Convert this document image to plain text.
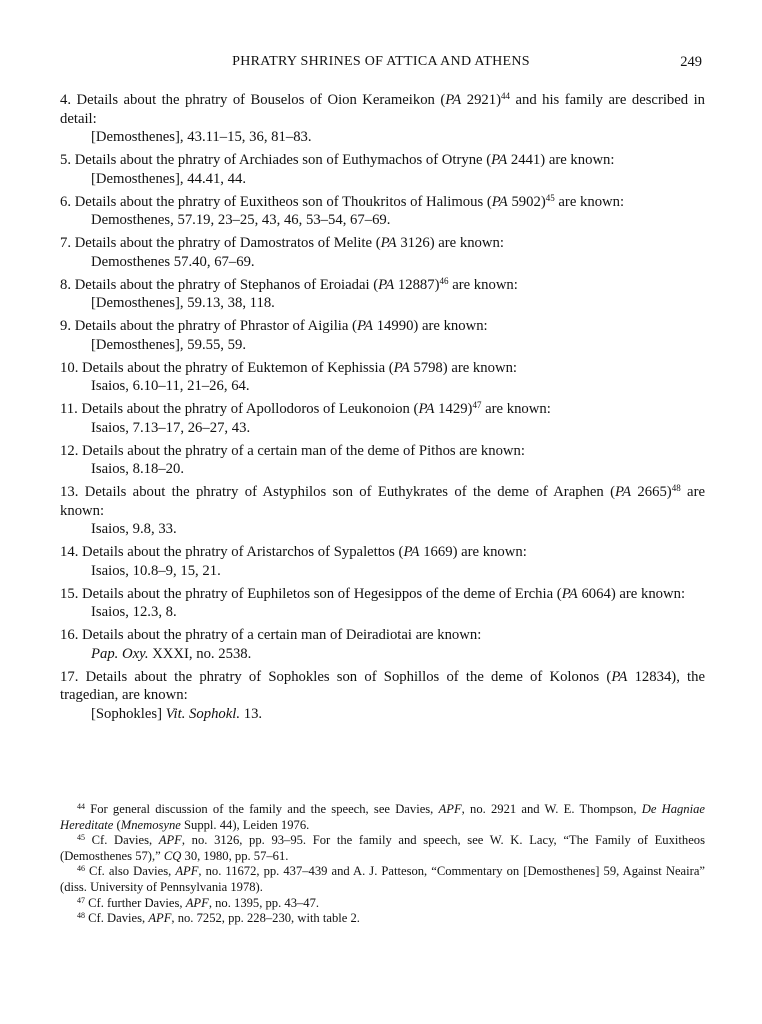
PHRATRY SHRINES OF ATTICA AND ATHENS	249
4. Details about the phratry of Bouselos of Oion Kerameikon (PA 2921)$^{44}$ and his family are described in detail:
[Demosthenes], 43.11–15, 36, 81–83.
5. Details about the phratry of Archiades son of Euthymachos of Otryne (PA 2441) are known:
[Demosthenes], 44.41, 44.
6. Details about the phratry of Euxitheos son of Thoukritos of Halimous (PA 5902)$^{45}$ are known:
Demosthenes, 57.19, 23–25, 43, 46, 53–54, 67–69.
7. Details about the phratry of Damostratos of Melite (PA 3126) are known:
Demosthenes 57.40, 67–69.
8. Details about the phratry of Stephanos of Eroiadai (PA 12887)$^{46}$ are known:
[Demosthenes], 59.13, 38, 118.
9. Details about the phratry of Phrastor of Aigilia (PA 14990) are known:
[Demosthenes], 59.55, 59.
10. Details about the phratry of Euktemon of Kephissia (PA 5798) are known:
Isaios, 6.10–11, 21–26, 64.
11. Details about the phratry of Apollodoros of Leukonoion (PA 1429)$^{47}$ are known:
Isaios, 7.13–17, 26–27, 43.
12. Details about the phratry of a certain man of the deme of Pithos are known:
Isaios, 8.18–20.
13. Details about the phratry of Astyphilos son of Euthykrates of the deme of Araphen (PA 2665)$^{48}$ are known:
Isaios, 9.8, 33.
14. Details about the phratry of Aristarchos of Sypalettos (PA 1669) are known:
Isaios, 10.8–9, 15, 21.
15. Details about the phratry of Euphiletos son of Hegesippos of the deme of Erchia (PA 6064) are known:
Isaios, 12.3, 8.
16. Details about the phratry of a certain man of Deiradiotai are known:
Pap. Oxy. XXXI, no. 2538.
17. Details about the phratry of Sophokles son of Sophillos of the deme of Kolonos (PA 12834), the tragedian, are known:
[Sophokles] Vit. Sophokl. 13.
$^{44}$ For general discussion of the family and the speech, see Davies, APF, no. 2921 and W. E. Thompson, De Hagniae Hereditate (Mnemosyne Suppl. 44), Leiden 1976.
$^{45}$ Cf. Davies, APF, no. 3126, pp. 93–95. For the family and speech, see W. K. Lacy, “The Family of Euxitheos (Demosthenes 57),” CQ 30, 1980, pp. 57–61.
$^{46}$ Cf. also Davies, APF, no. 11672, pp. 437–439 and A. J. Patteson, “Commentary on [Demosthenes] 59, Against Neaira” (diss. University of Pennsylvania 1978).
$^{47}$ Cf. further Davies, APF, no. 1395, pp. 43–47.
$^{48}$ Cf. Davies, APF, no. 7252, pp. 228–230, with table 2.
